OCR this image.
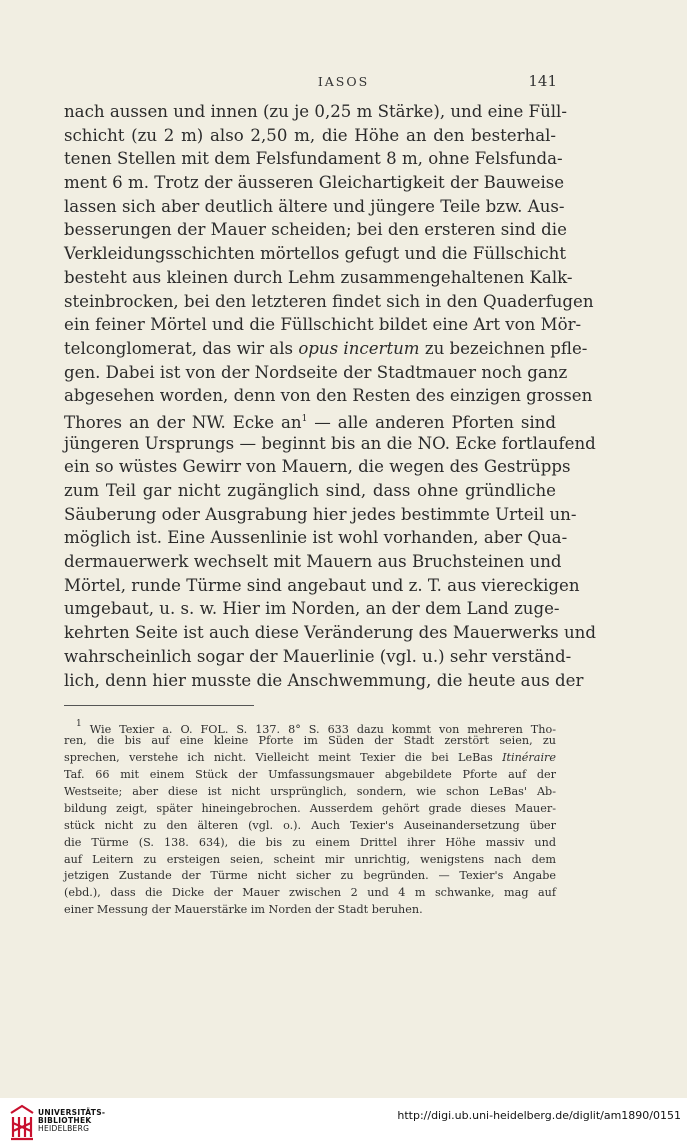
IASOS	141
nach aussen und innen (zu je 0,25 m Stärke), und eine Füll-
schicht (zu 2 m) also 2,50 m, die Höhe an den besterhal-
tenen Stellen mit dem Felsfundament 8 m, ohne Felsfunda-
ment 6 m. Trotz der äusseren Gleichartigkeit der Bauweise
lassen sich aber deutlich ältere und jüngere Teile bzw. Aus-
besserungen der Mauer scheiden; bei den ersteren sind die
Verkleidungsschichten mörtellos gefugt und die Füllschicht
besteht aus kleinen durch Lehm zusammengehaltenen Kalk-
steinbrocken, bei den letzteren findet sich in den Quaderfugen
ein feiner Mörtel und die Füllschicht bildet eine Art von Mör-
telconglomerat, das wir als opus incertum zu bezeichnen pfle-
gen. Dabei ist von der Nordseite der Stadtmauer noch ganz
abgesehen worden, denn von den Resten des einzigen grossen
Thores an der NW. Ecke an$^1$ — alle anderen Pforten sind
jüngeren Ursprungs — beginnt bis an die NO. Ecke fortlaufend
ein so wüstes Gewirr von Mauern, die wegen des Gestrüpps
zum Teil gar nicht zugänglich sind, dass ohne gründliche
Säuberung oder Ausgrabung hier jedes bestimmte Urteil un-
möglich ist. Eine Aussenlinie ist wohl vorhanden, aber Qua-
dermauerwerk wechselt mit Mauern aus Bruchsteinen und
Mörtel, runde Türme sind angebaut und z. T. aus viereckigen
umgebaut, u. s. w. Hier im Norden, an der dem Land zuge-
kehrten Seite ist auch diese Veränderung des Mauerwerks und
wahrscheinlich sogar der Mauerlinie (vgl. u.) sehr verständ-
lich, denn hier musste die Anschwemmung, die heute aus der
$^1$ Wie Texier a. O. FOL. S. 137. 8° S. 633 dazu kommt von mehreren Tho-
ren, die bis auf eine kleine Pforte im Süden der Stadt zerstört seien, zu
sprechen, verstehe ich nicht. Vielleicht meint Texier die bei LeBas Itinéraire
Taf. 66 mit einem Stück der Umfassungsmauer abgebildete Pforte auf der
Westseite; aber diese ist nicht ursprünglich, sondern, wie schon LeBas' Ab-
bildung zeigt, später hineingebrochen. Ausserdem gehört grade dieses Mauer-
stück nicht zu den älteren (vgl. o.). Auch Texier's Auseinandersetzung über
die Türme (S. 138. 634), die bis zu einem Drittel ihrer Höhe massiv und
auf Leitern zu ersteigen seien, scheint mir unrichtig, wenigstens nach dem
jetzigen Zustande der Türme nicht sicher zu begründen. — Texier's Angabe
(ebd.), dass die Dicke der Mauer zwischen 2 und 4 m schwanke, mag auf
einer Messung der Mauerstärke im Norden der Stadt beruhen.
UNIVERSITÄTS-
BIBLIOTHEK
HEIDELBERG
http://digi.ub.uni-heidelberg.de/diglit/am1890/0151
